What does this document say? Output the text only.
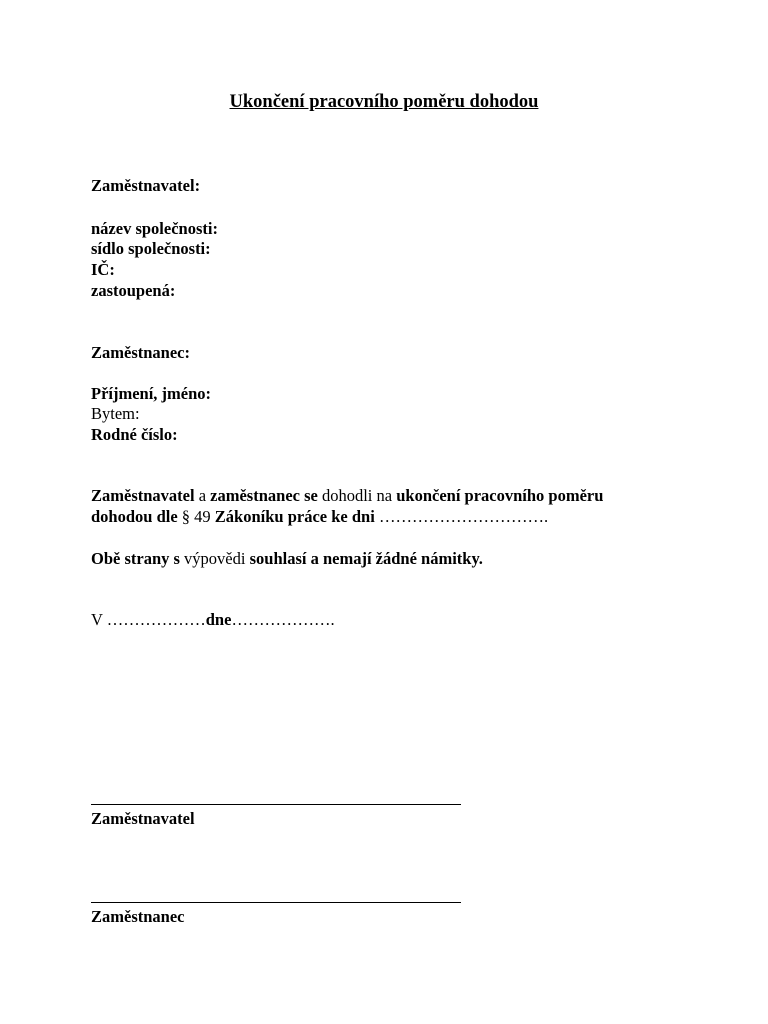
Ukončení pracovního poměru dohodou
Zaměstnavatel:
název společnosti:
sídlo společnosti:
IČ:
zastoupená:
Zaměstnanec:
Příjmení, jméno:
Bytem:
Rodné číslo:
Zaměstnavatel a zaměstnanec se dohodli na ukončení pracovního poměru
dohodou dle § 49 Zákoníku práce ke dni ………………………….
Obě strany s výpovědi souhlasí a nemají žádné námitky.
V ………………dne……………….
Zaměstnavatel
Zaměstnanec
